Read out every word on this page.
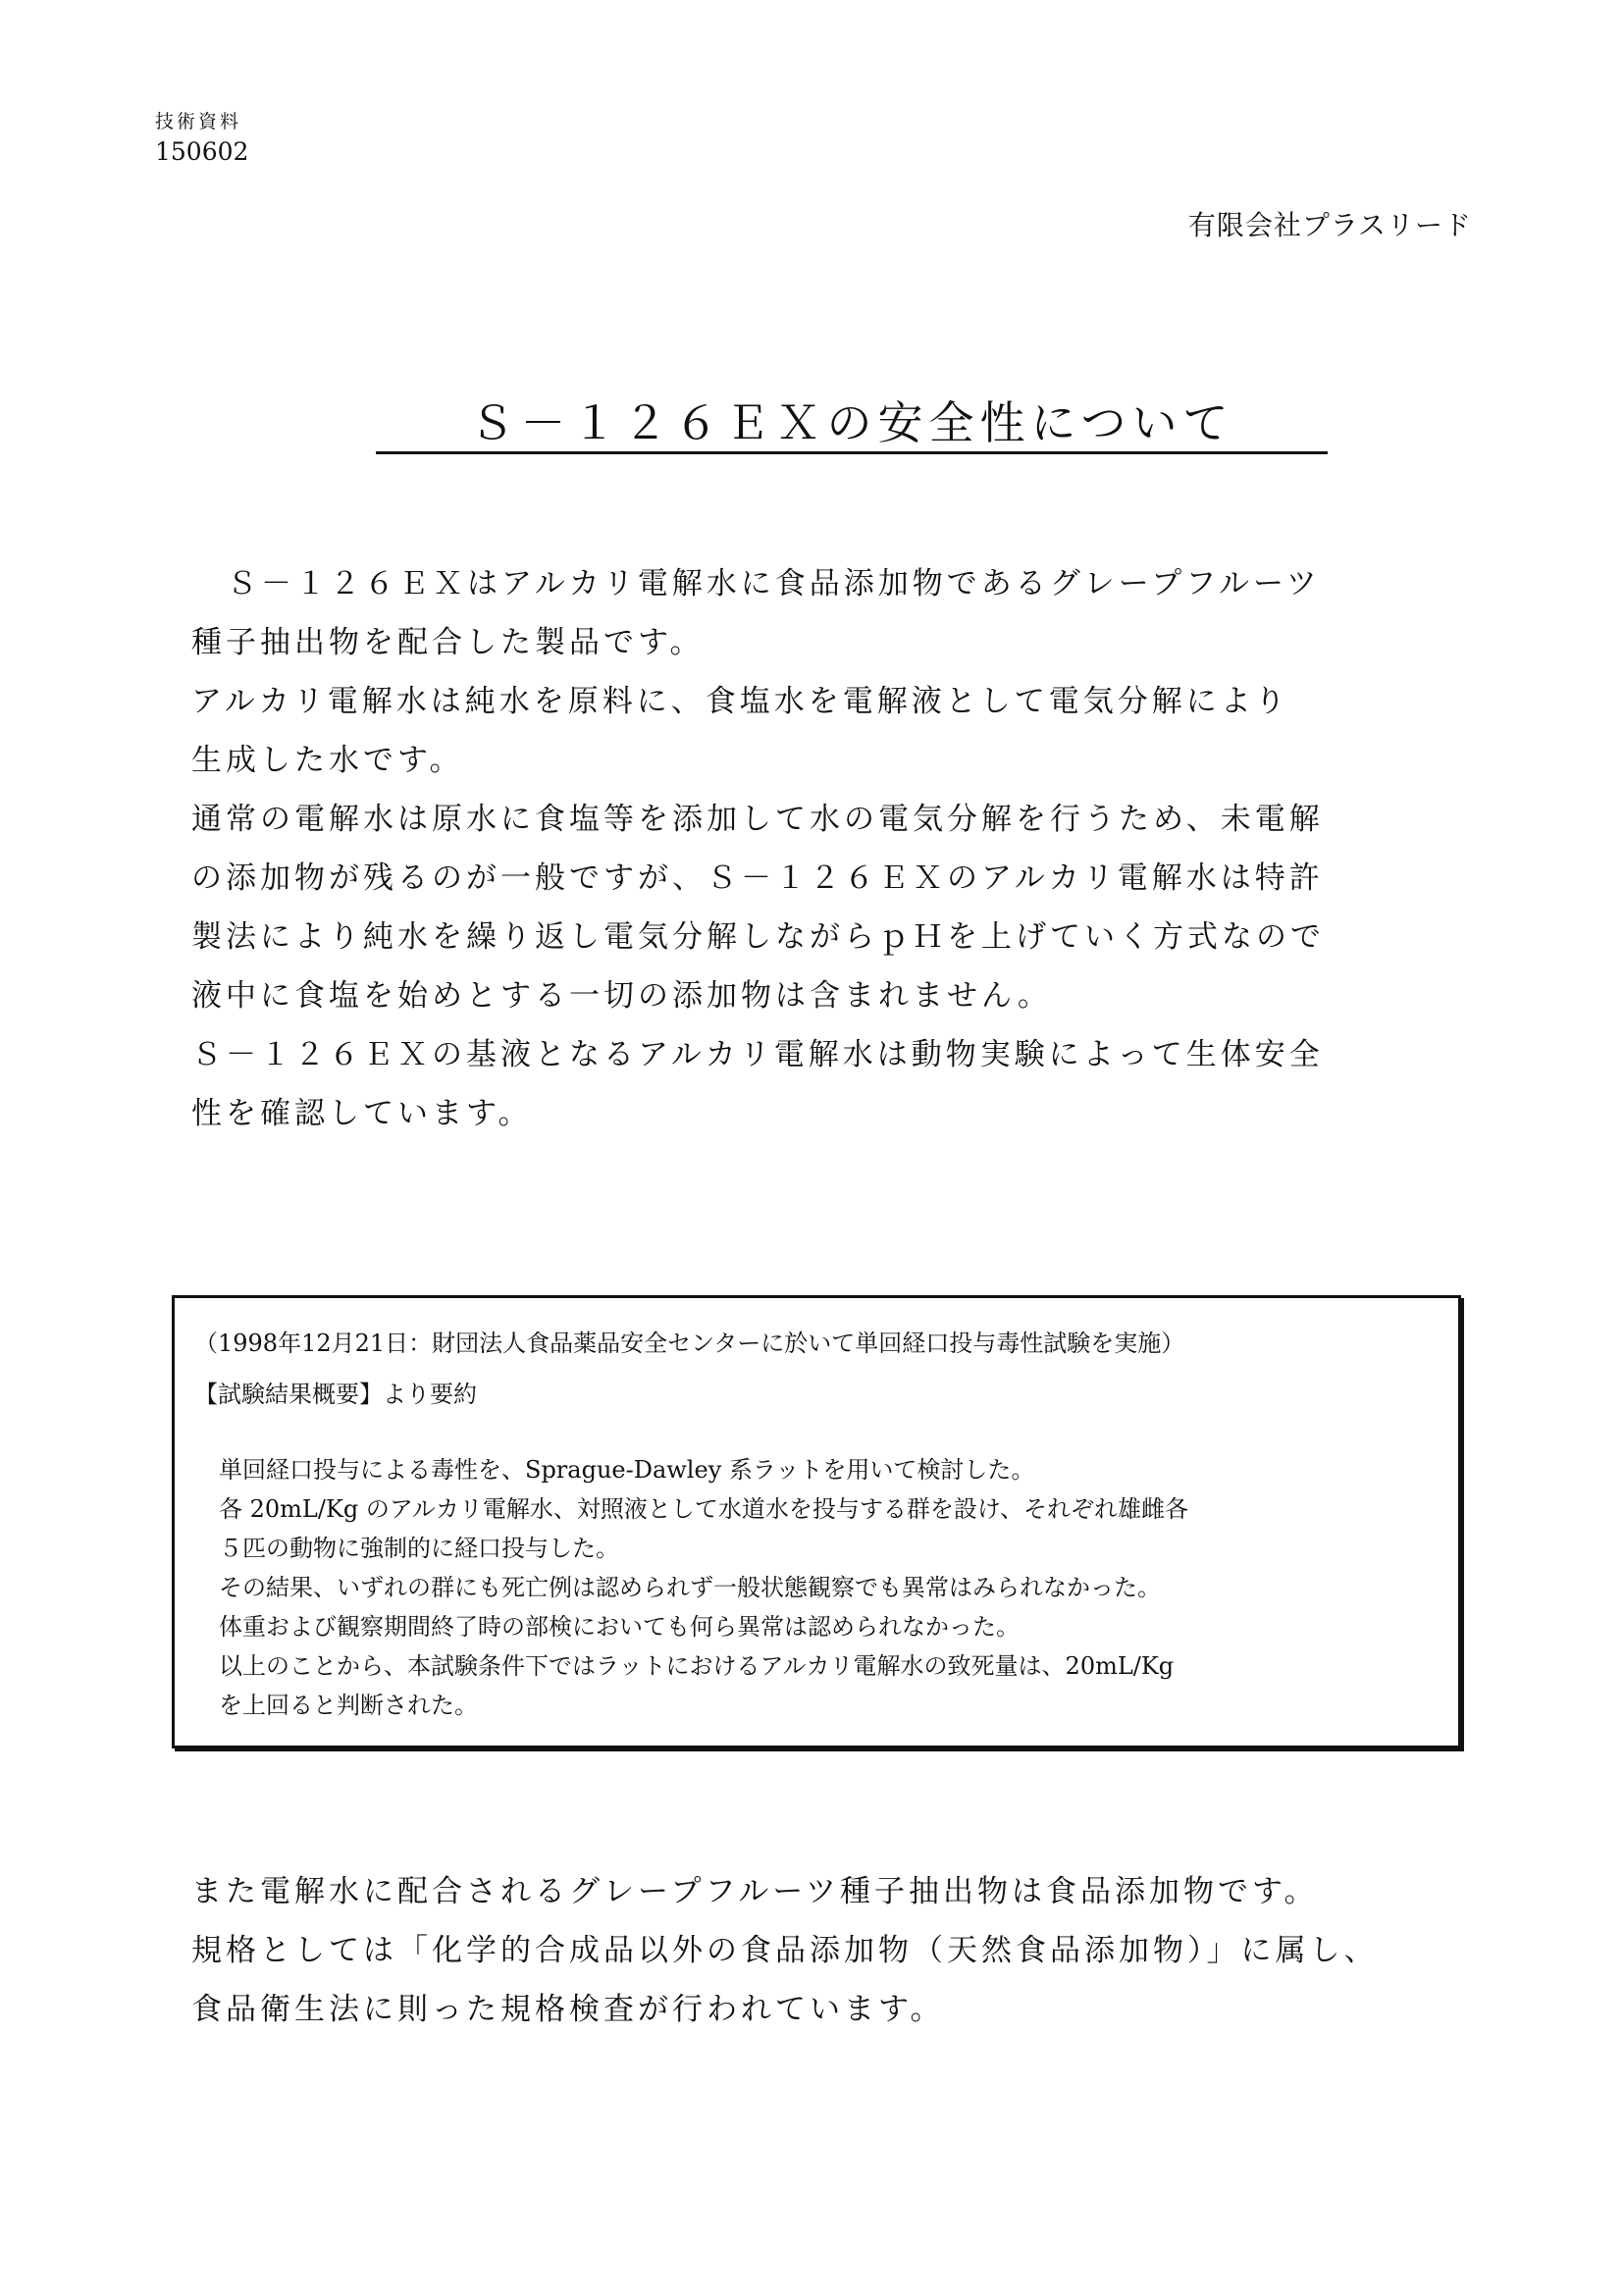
技術資料
150602
有限会社プラスリード
Ｓ－１２６ＥＸの安全性について
Ｓ－１２６ＥＸはアルカリ電解水に食品添加物であるグレープフルーツ
種子抽出物を配合した製品です。
アルカリ電解水は純水を原料に、食塩水を電解液として電気分解により
生成した水です。
通常の電解水は原水に食塩等を添加して水の電気分解を行うため、未電解
の添加物が残るのが一般ですが、Ｓ－１２６ＥＸのアルカリ電解水は特許
製法により純水を繰り返し電気分解しながらｐＨを上げていく方式なので
液中に食塩を始めとする一切の添加物は含まれません。
Ｓ－１２６ＥＸの基液となるアルカリ電解水は動物実験によって生体安全
性を確認しています。
（1998年12月21日：財団法人食品薬品安全センターに於いて単回経口投与毒性試験を実施）
【試験結果概要】より要約
単回経口投与による毒性を、Sprague-Dawley 系ラットを用いて検討した。
各 20mL/Kg のアルカリ電解水、対照液として水道水を投与する群を設け、それぞれ雄雌各
５匹の動物に強制的に経口投与した。
その結果、いずれの群にも死亡例は認められず一般状態観察でも異常はみられなかった。
体重および観察期間終了時の部検においても何ら異常は認められなかった。
以上のことから、本試験条件下ではラットにおけるアルカリ電解水の致死量は、20mL/Kg
を上回ると判断された。
また電解水に配合されるグレープフルーツ種子抽出物は食品添加物です。
規格としては「化学的合成品以外の食品添加物（天然食品添加物）」に属し、
食品衛生法に則った規格検査が行われています。
